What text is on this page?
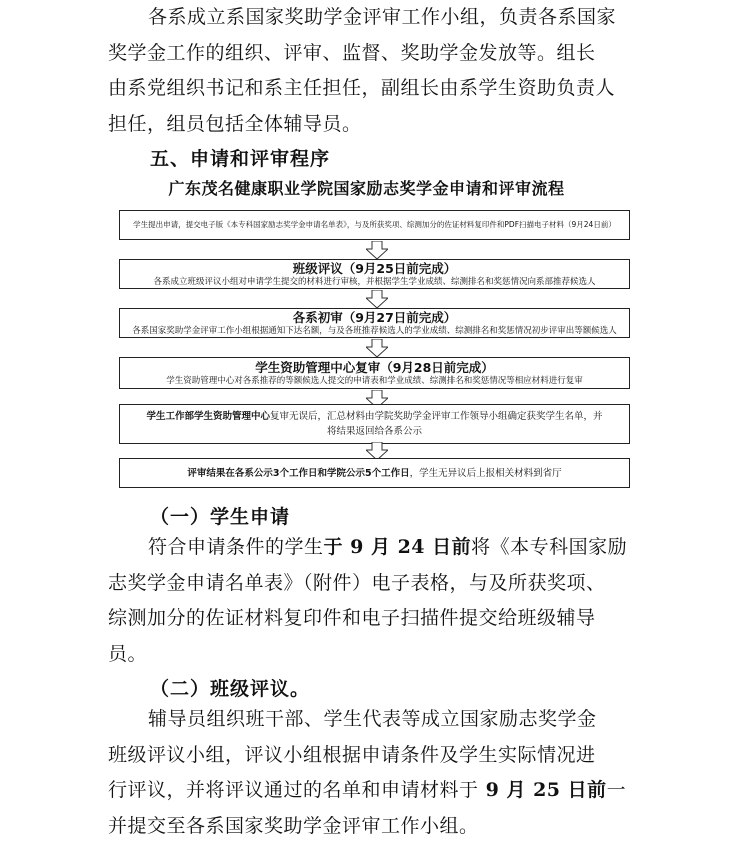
各系成立系国家奖助学金评审工作小组，负责各系国家
奖学金工作的组织、评审、监督、奖助学金发放等。组长
由系党组织书记和系主任担任，副组长由系学生资助负责人
担任，组员包括全体辅导员。
五、申请和评审程序
广东茂名健康职业学院国家励志奖学金申请和评审流程
学生提出申请，提交电子版《本专科国家励志奖学金申请名单表》，与及所获奖项、综测加分的佐证材料复印件和PDF扫描电子材料（9月24日前）
班级评议（9月25日前完成）
各系成立班级评议小组对申请学生提交的材料进行审核，并根据学生学业成绩、综测排名和奖惩情况向系部推荐候选人
各系初审（9月27日前完成）
各系国家奖助学金评审工作小组根据通知下达名额，与及各班推荐候选人的学业成绩、综测排名和奖惩情况初步评审出等额候选人
学生资助管理中心复审（9月28日前完成）
学生资助管理中心对各系推荐的等额候选人提交的申请表和学业成绩、综测排名和奖惩情况等相应材料进行复审
学生工作部学生资助管理中心复审无误后，汇总材料由学院奖助学金评审工作领导小组确定获奖学生名单，并
将结果返回给各系公示
评审结果在各系公示3个工作日和学院公示5个工作日，学生无异议后上报相关材料到省厅
（一）学生申请
符合申请条件的学生于 9 月 24 日前将《本专科国家励
志奖学金申请名单表》（附件）电子表格，与及所获奖项、
综测加分的佐证材料复印件和电子扫描件提交给班级辅导
员。
（二）班级评议。
辅导员组织班干部、学生代表等成立国家励志奖学金
班级评议小组，评议小组根据申请条件及学生实际情况进
行评议，并将评议通过的名单和申请材料于 9 月 25 日前一
并提交至各系国家奖助学金评审工作小组。
